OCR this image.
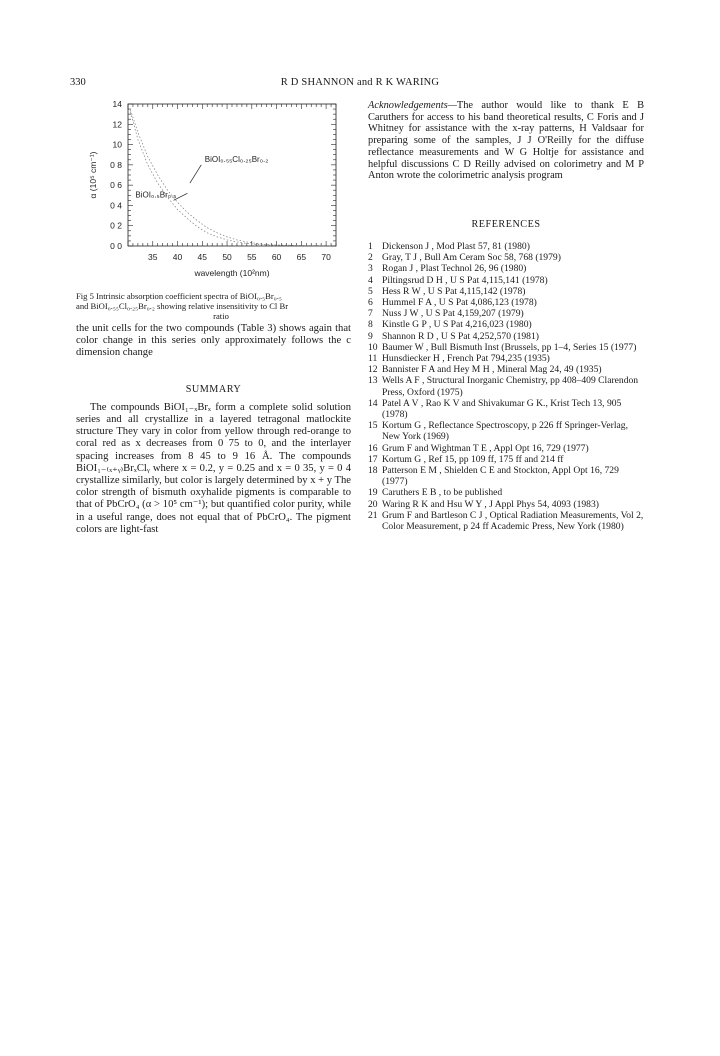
330	R D SHANNON and R K WARING
35 40 45 50 55 60 65 70
14
12
10
0 8
0 6
0 4
0 2
0 0
wavelength (10²nm)
α (10⁵ cm⁻¹)	BiOI₀.₅₅Cl₀.₂₅Br₀.₂
BiOI₀.₅Br₀.₅
Fig 5 Intrinsic absorption coefficient spectra of BiOI₀.₅Br₀.₅
and BiOI₀.₅₅Cl₀.₂₅Br₀.₂ showing relative insensitivity to Cl Br
ratio

the unit cells for the two compounds (Table 3) shows again that color change in this series only approximately follows the c dimension change

SUMMARY

The compounds BiOI₁₋ₓBrₓ form a complete solid solution series and all crystallize in a layered tetragonal matlockite structure They vary in color from yellow through red-orange to coral red as x decreases from 0 75 to 0, and the interlayer spacing increases from 8 45 to 9 16 Å. The compounds BiOI₁₋₍ₓ₊ᵧ₎BrₓClᵧ where x = 0.2, y = 0.25 and x = 0 35, y = 0 4 crystallize similarly, but color is largely determined by x + y The color strength of bismuth oxyhalide pigments is comparable to that of PbCrO₄ (α > 10⁵ cm⁻¹); but quantified color purity, while in a useful range, does not equal that of PbCrO₄. The pigment colors are light-fast

Acknowledgements—The author would like to thank E B Caruthers for access to his band theoretical results, C Foris and J Whitney for assistance with the x-ray patterns, H Valdsaar for preparing some of the samples, J J O'Reilly for the diffuse reflectance measurements and W G Holtje for assistance and helpful discussions C D Reilly advised on colorimetry and M P Anton wrote the colorimetric analysis program
REFERENCES

1 Dickenson J , Mod Plast 57, 81 (1980)

2 Gray, T J , Bull Am Ceram Soc 58, 768 (1979)

3 Rogan J , Plast Technol 26, 96 (1980)

4 Piltingsrud D H , U S Pat 4,115,141 (1978)

5 Hess R W , U S Pat 4,115,142 (1978)

6 Hummel F A , U S Pat 4,086,123 (1978)

7 Nuss J W , U S Pat 4,159,207 (1979)

8 Kinstle G P , U S Pat 4,216,023 (1980)

9 Shannon R D , U S Pat 4,252,570 (1981)

10 Baumer W , Bull Bismuth Inst (Brussels, pp 1–4, Series 15 (1977)

11 Hunsdiecker H , French Pat 794,235 (1935)

12 Bannister F A and Hey M H , Mineral Mag 24, 49 (1935)

13 Wells A F , Structural Inorganic Chemistry, pp 408–409 Clarendon Press, Oxford (1975)

14 Patel A V , Rao K V and Shivakumar G K., Krist Tech 13, 905 (1978)

15 Kortum G , Reflectance Spectroscopy, p 226 ff Springer-Verlag, New York (1969)

16 Grum F and Wightman T E , Appl Opt 16, 729 (1977)

17 Kortum G , Ref 15, pp 109 ff, 175 ff and 214 ff

18 Patterson E M , Shielden C E and Stockton, Appl Opt 16, 729 (1977)

19 Caruthers E B , to be published

20 Waring R K and Hsu W Y , J Appl Phys 54, 4093 (1983)

21 Grum F and Bartleson C J , Optical Radiation Measurements, Vol 2, Color Measurement, p 24 ff Academic Press, New York (1980)
